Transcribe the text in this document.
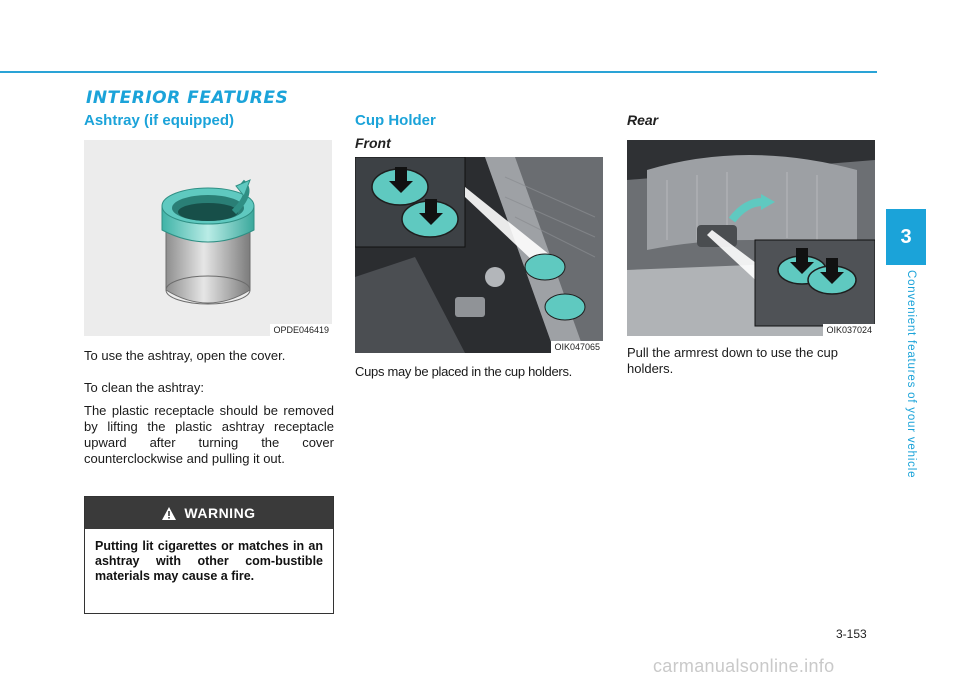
INTERIOR FEATURES
Ashtray (if equipped)
OPDE046419
To use the ashtray, open the cover.
To clean the ashtray:
The plastic receptacle should be removed by lifting the plastic ashtray receptacle upward after turning the cover counterclockwise and pulling it out.
WARNING
Putting lit cigarettes or matches in an ashtray with other com-bustible materials may cause a fire.
Cup Holder
Front
OIK047065
Cups may be placed in the cup holders.
Rear
OIK037024
Pull the armrest down to use the cup holders.
3
Convenient features of your vehicle
3-153
carmanualsonline.info
